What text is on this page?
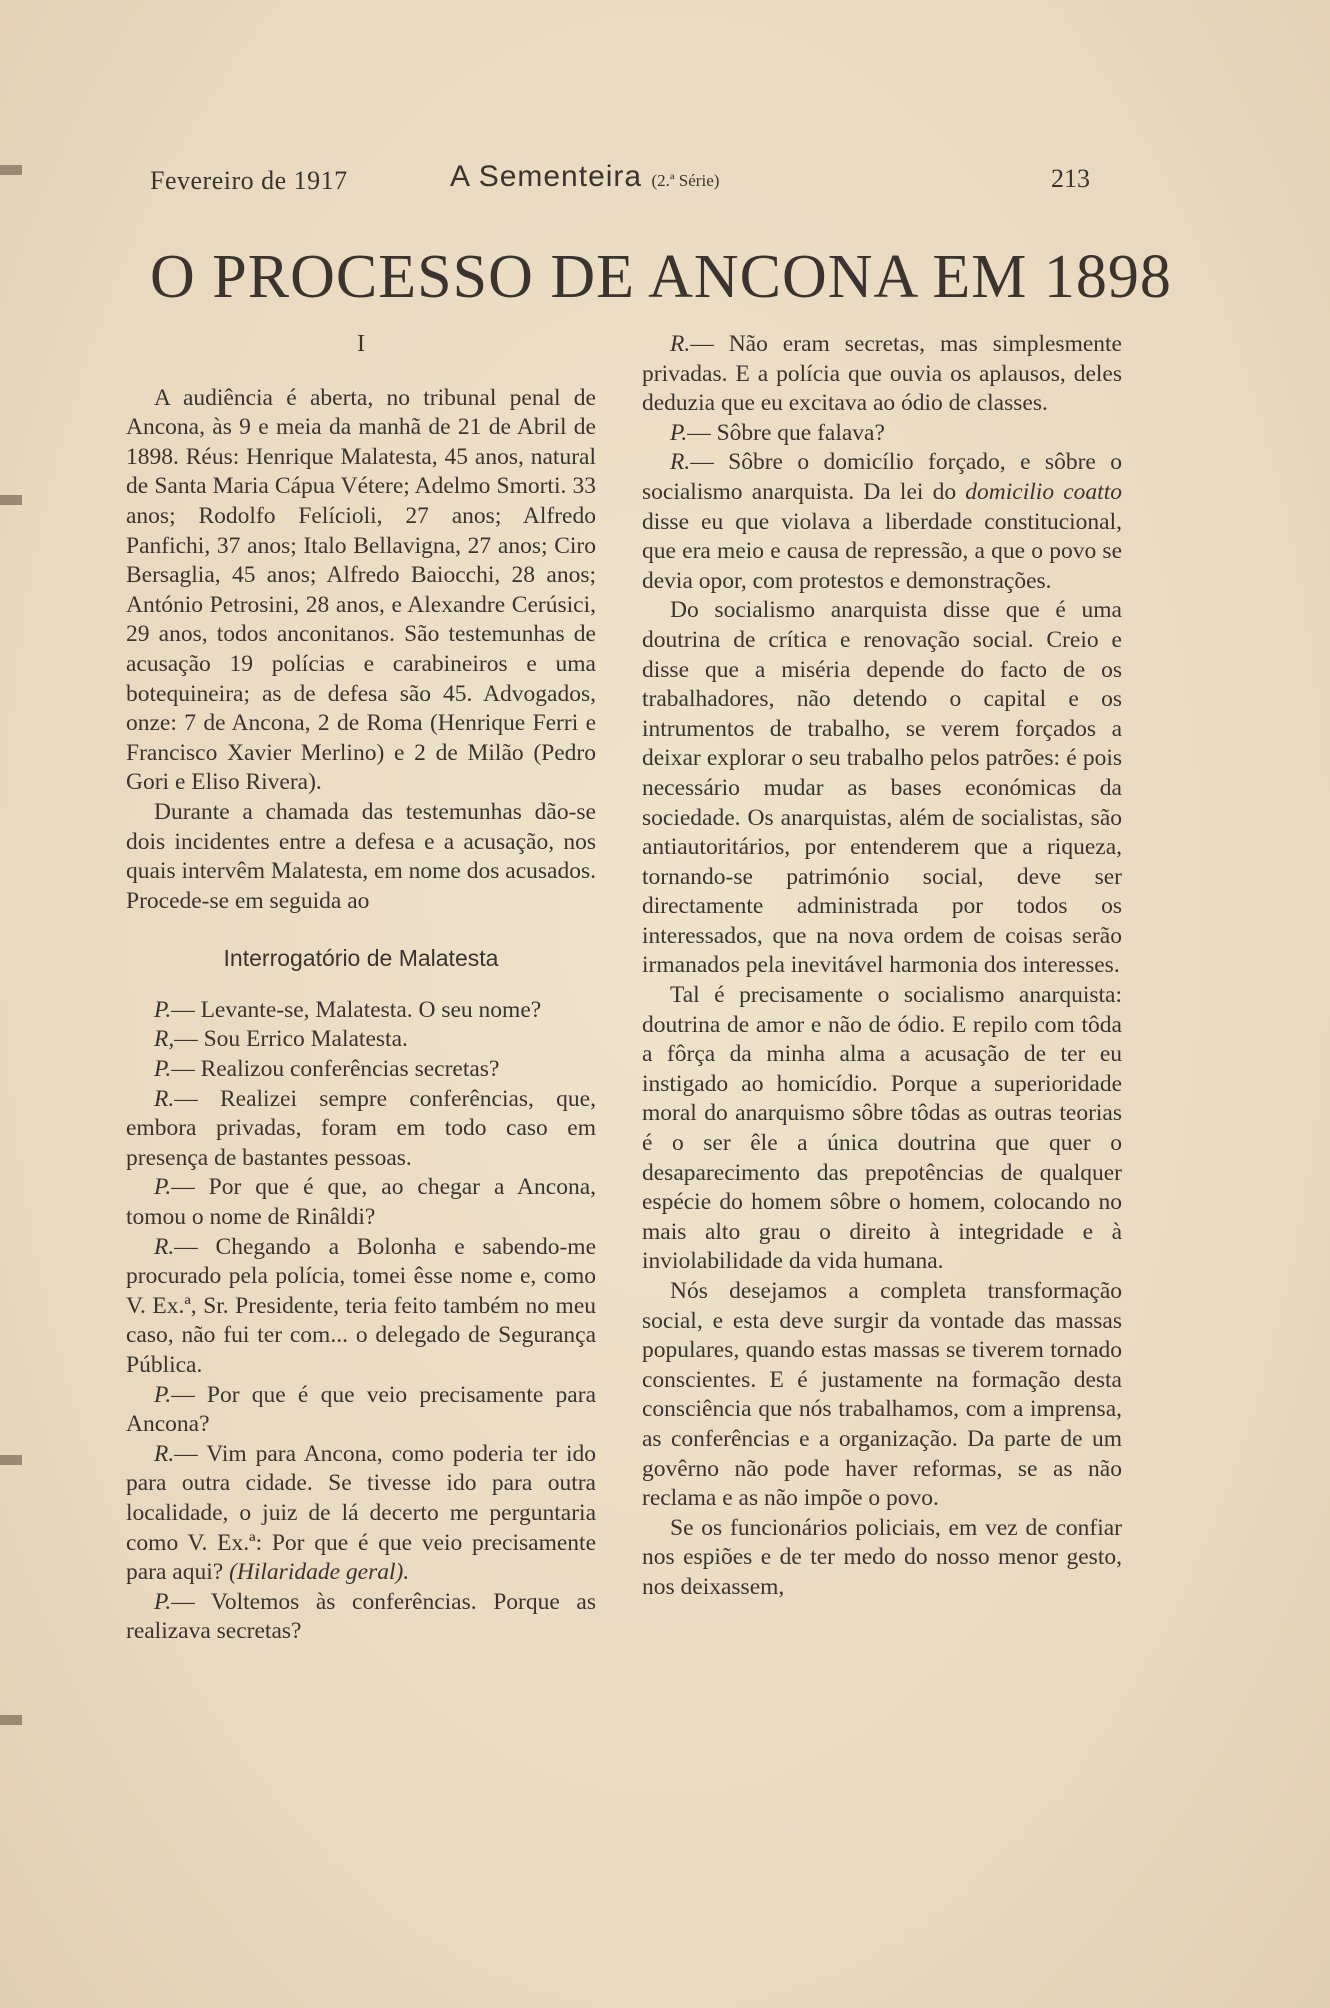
Fevereiro de 1917	A Sementeira (2.ª Série)	213
O PROCESSO DE ANCONA EM 1898

I

A audiência é aberta, no tribunal penal de Ancona, às 9 e meia da manhã de 21 de Abril de 1898. Réus: Henrique Malatesta, 45 anos, natural de Santa Maria Cápua Vétere; Adelmo Smorti. 33 anos; Rodolfo Felícioli, 27 anos; Alfredo Panfichi, 37 anos; Italo Bellavigna, 27 anos; Ciro Bersaglia, 45 anos; Alfredo Baiocchi, 28 anos; António Petrosini, 28 anos, e Alexandre Cerúsici, 29 anos, todos anconitanos. São testemunhas de acusação 19 polícias e carabineiros e uma botequineira; as de defesa são 45. Advogados, onze: 7 de Ancona, 2 de Roma (Henrique Ferri e Francisco Xavier Merlino) e 2 de Milão (Pedro Gori e Eliso Rivera).

Durante a chamada das testemunhas dão-se dois incidentes entre a defesa e a acusação, nos quais intervêm Malatesta, em nome dos acusados. Procede-se em seguida ao

Interrogatório de Malatesta

P.— Levante-se, Malatesta. O seu nome?

R,— Sou Errico Malatesta.

P.— Realizou conferências secretas?

R.— Realizei sempre conferências, que, embora privadas, foram em todo caso em presença de bastantes pessoas.

P.— Por que é que, ao chegar a Ancona, tomou o nome de Rinâldi?

R.— Chegando a Bolonha e sabendo-me procurado pela polícia, tomei êsse nome e, como V. Ex.ª, Sr. Presidente, teria feito também no meu caso, não fui ter com... o delegado de Segurança Pública.

P.— Por que é que veio precisamente para Ancona?

R.— Vim para Ancona, como poderia ter ido para outra cidade. Se tivesse ido para outra localidade, o juiz de lá decerto me perguntaria como V. Ex.ª: Por que é que veio precisamente para aqui? (Hilaridade geral).

P.— Voltemos às conferências. Porque as realizava secretas?

R.— Não eram secretas, mas simplesmente privadas. E a polícia que ouvia os aplausos, deles deduzia que eu excitava ao ódio de classes.

P.— Sôbre que falava?

R.— Sôbre o domicílio forçado, e sôbre o socialismo anarquista. Da lei do domicilio coatto disse eu que violava a liberdade constitucional, que era meio e causa de repressão, a que o povo se devia opor, com protestos e demonstrações.

Do socialismo anarquista disse que é uma doutrina de crítica e renovação social. Creio e disse que a miséria depende do facto de os trabalhadores, não detendo o capital e os intrumentos de trabalho, se verem forçados a deixar explorar o seu trabalho pelos patrões: é pois necessário mudar as bases económicas da sociedade. Os anarquistas, além de socialistas, são antiautoritários, por entenderem que a riqueza, tornando-se património social, deve ser directamente administrada por todos os interessados, que na nova ordem de coisas serão irmanados pela inevitável harmonia dos interesses.

Tal é precisamente o socialismo anarquista: doutrina de amor e não de ódio. E repilo com tôda a fôrça da minha alma a acusação de ter eu instigado ao homicídio. Porque a superioridade moral do anarquismo sôbre tôdas as outras teorias é o ser êle a única doutrina que quer o desaparecimento das prepotências de qualquer espécie do homem sôbre o homem, colocando no mais alto grau o direito à integridade e à inviolabilidade da vida humana.

Nós desejamos a completa transformação social, e esta deve surgir da vontade das massas populares, quando estas massas se tiverem tornado conscientes. E é justamente na formação desta consciência que nós trabalhamos, com a imprensa, as conferências e a organização. Da parte de um govêrno não pode haver reformas, se as não reclama e as não impõe o povo.

Se os funcionários policiais, em vez de confiar nos espiões e de ter medo do nosso menor gesto, nos deixassem,
